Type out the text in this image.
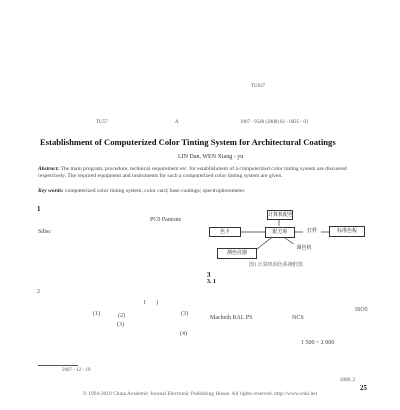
TU637
TU57	A	1007 - 9548 (2008) 02 - 0025 - 03
Establishment of Computerized Color Tinting System for Architectural Coatings
LIN Dan, WEN Xiang - yu
Abstract: The main program, procedure, technical requirement etc. for establishment of a computerized color tinting system are discussed respectively. The required equipment and instruments for such a computerized color tinting system are given.
Key words: computerized color tinting system; color card; base coatings; spectrophotometer
1
PC0 Pantone
Sdisc
3
3. 1
2
1 )
(1)	(2)	(3)
(3)
(4)
Macbeth RAL PS	NCS
ISO5
1 500 ~ 2 000
计算机配色
色卡	配方库	打样	标准色板
测色仪器
调色机
图1 计算机调色系统框图
2007 - 12 - 19
2008, 2
25
© 1994-2010 China Academic Journal Electronic Publishing House. All rights reserved. http://www.cnki.net
